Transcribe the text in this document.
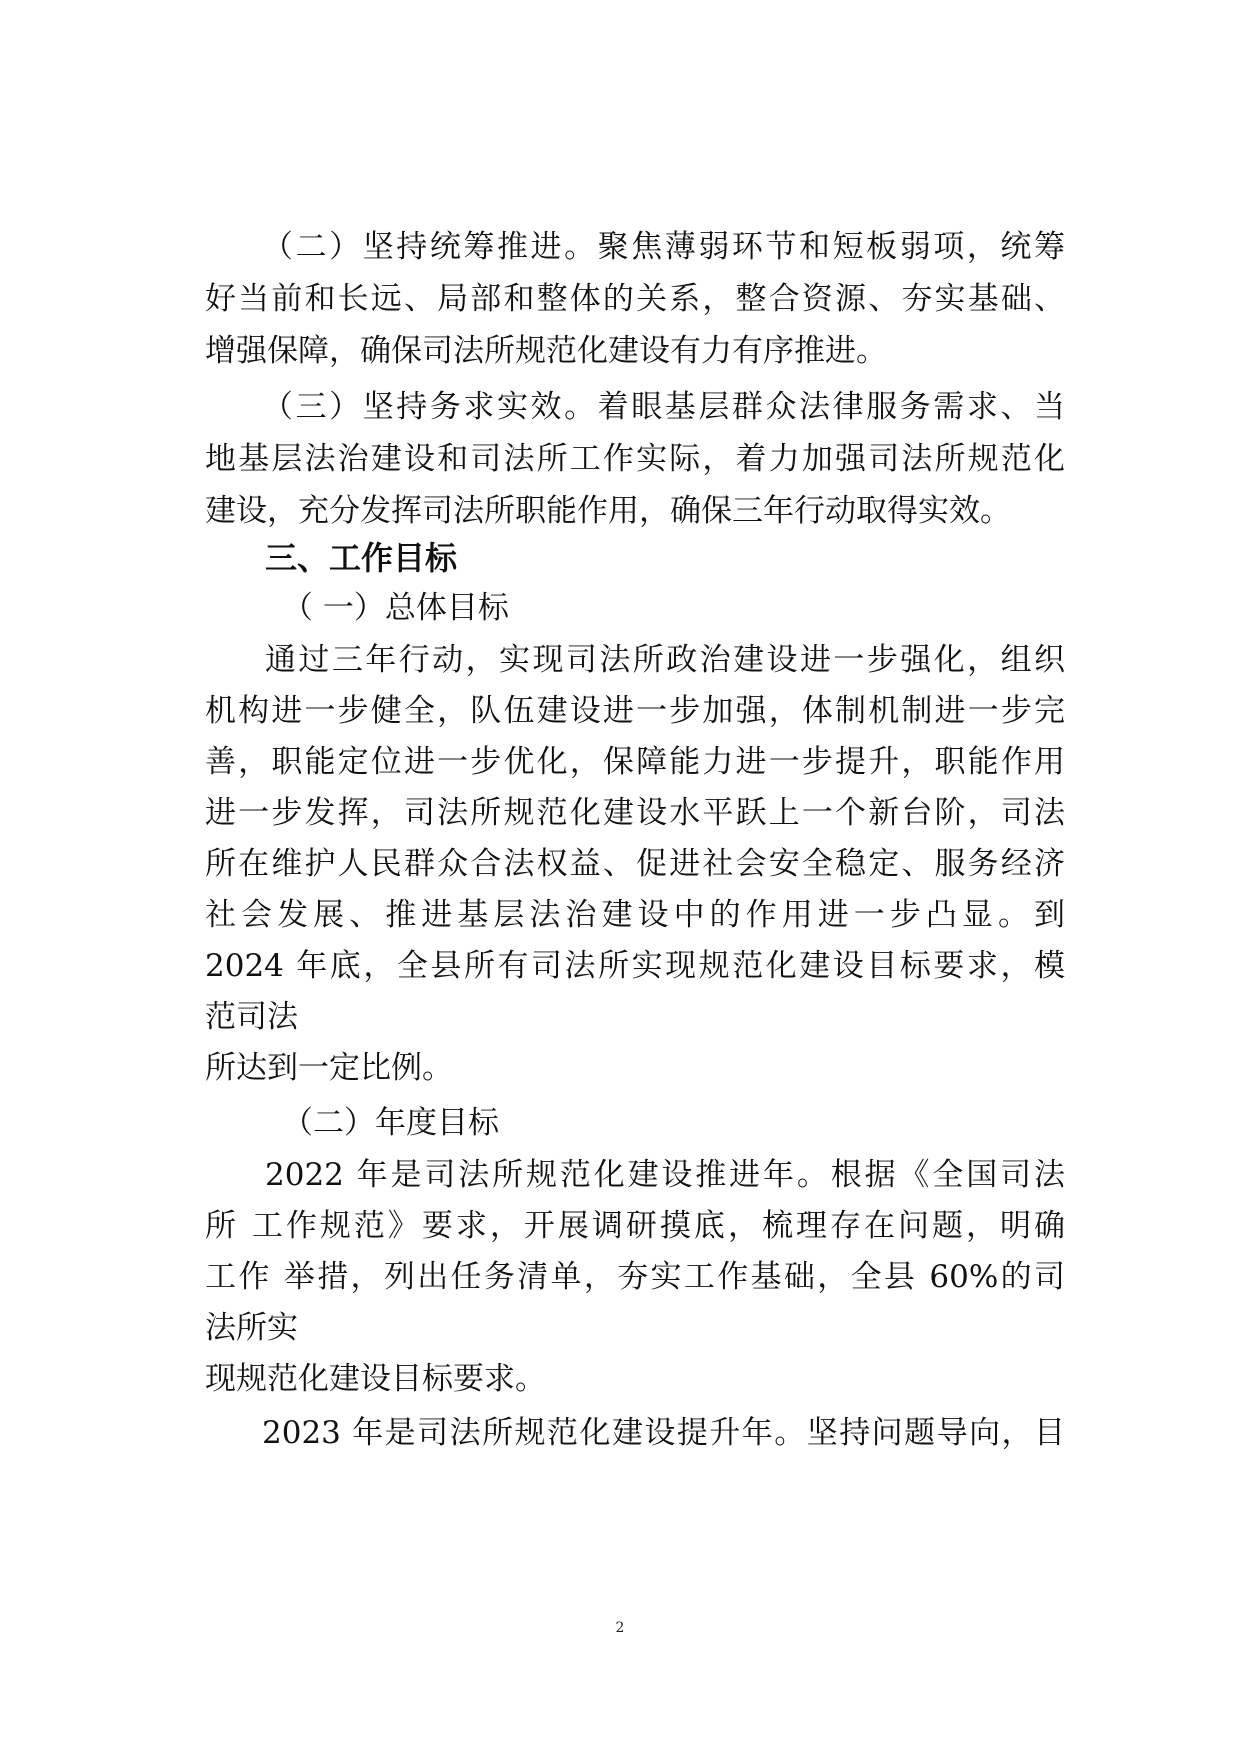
（二）坚持统筹推进。聚焦薄弱环节和短板弱项，统筹
好当前和长远、局部和整体的关系，整合资源、夯实基础、
增强保障，确保司法所规范化建设有力有序推进。
（三）坚持务求实效。着眼基层群众法律服务需求、当
地基层法治建设和司法所工作实际，着力加强司法所规范化
建设，充分发挥司法所职能作用，确保三年行动取得实效。
三、工作目标
（ 一）总体目标
通过三年行动，实现司法所政治建设进一步强化，组织
机构进一步健全，队伍建设进一步加强，体制机制进一步完
善，职能定位进一步优化，保障能力进一步提升，职能作用
进一步发挥，司法所规范化建设水平跃上一个新台阶，司法
所在维护人民群众合法权益、促进社会安全稳定、服务经济
社会发展、推进基层法治建设中的作用进一步凸显。到
2024 年底，全县所有司法所实现规范化建设目标要求，模
范司法
所达到一定比例。
（二）年度目标
2022 年是司法所规范化建设推进年。根据《全国司法
所 工作规范》要求，开展调研摸底，梳理存在问题，明确
工作 举措，列出任务清单，夯实工作基础，全县 60%的司
法所实
现规范化建设目标要求。
2023 年是司法所规范化建设提升年。坚持问题导向，目
2
